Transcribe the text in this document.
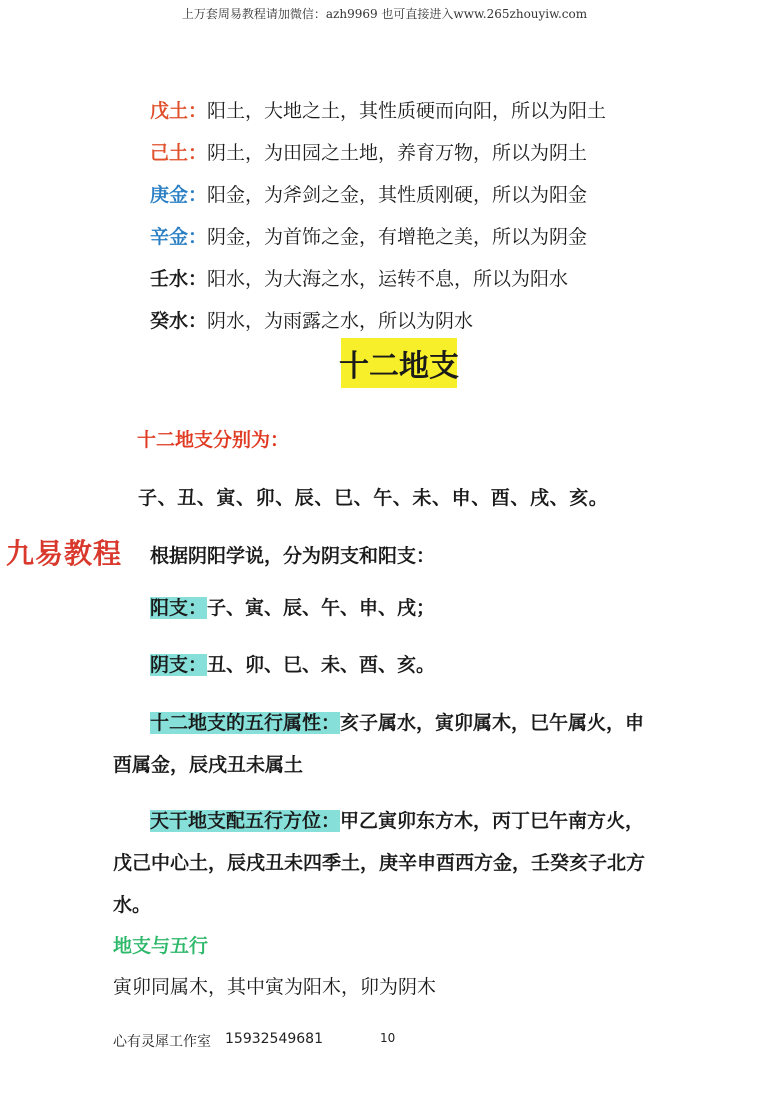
上万套周易教程请加微信：azh9969 也可直接进入www.265zhouyiw.com
戊土：阳土，大地之土，其性质硬而向阳，所以为阳土
己土：阴土，为田园之土地，养育万物，所以为阴土
庚金：阳金，为斧剑之金，其性质刚硬，所以为阳金
辛金：阴金，为首饰之金，有增艳之美，所以为阴金
壬水：阳水，为大海之水，运转不息，所以为阳水
癸水：阴水，为雨露之水，所以为阴水
十二地支
十二地支分别为：
子、丑、寅、卯、辰、巳、午、未、申、酉、戌、亥。
九易教程 根据阴阳学说，分为阴支和阳支：
阳支：子、寅、辰、午、申、戌；
阴支：丑、卯、巳、未、酉、亥。
十二地支的五行属性：亥子属水，寅卯属木，巳午属火，申
酉属金，辰戌丑未属土
天干地支配五行方位：甲乙寅卯东方木，丙丁巳午南方火，
戊己中心土，辰戌丑未四季土，庚辛申酉西方金，壬癸亥子北方
水。
地支与五行
寅卯同属木，其中寅为阳木，卯为阴木
心有灵犀工作室 15932549681	10
